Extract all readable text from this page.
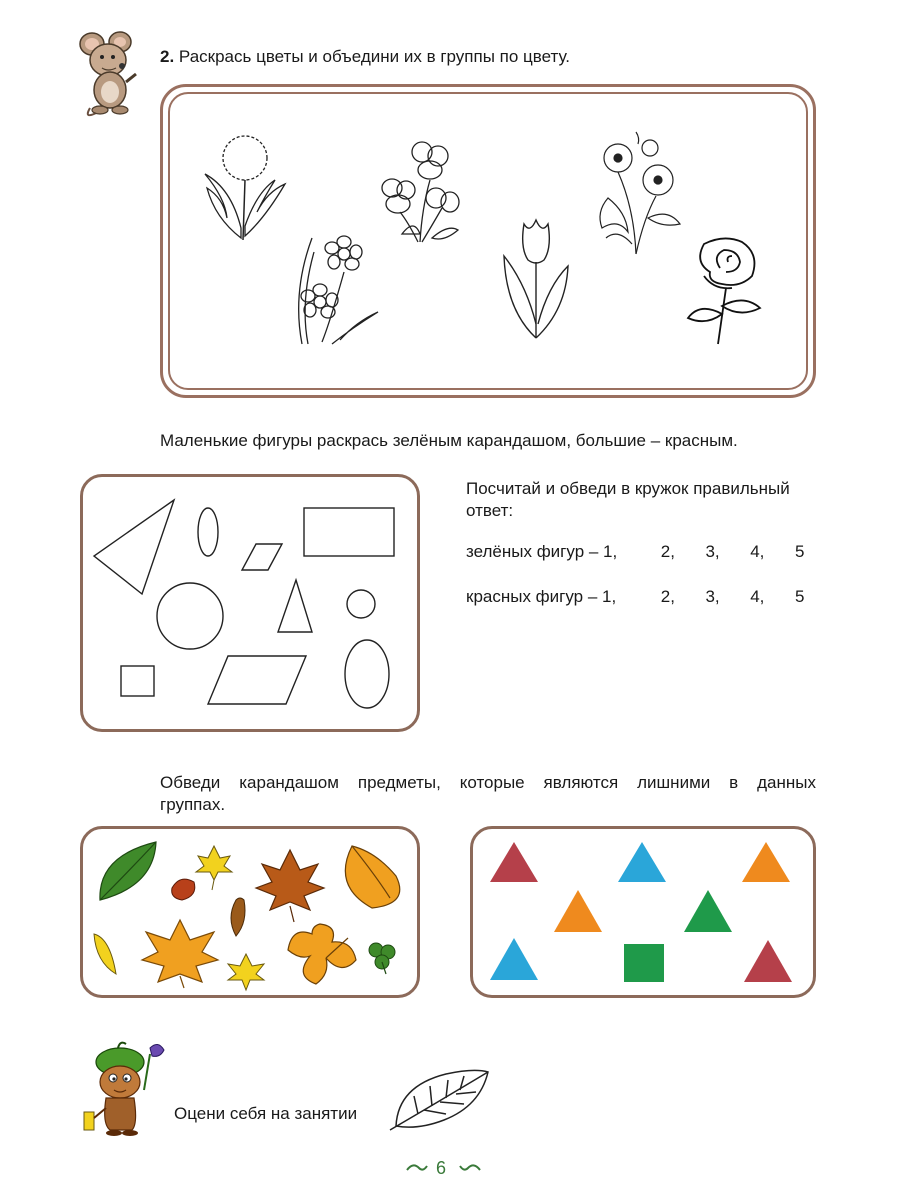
2. Раскрась цветы и объедини их в группы по цвету.
Маленькие фигуры раскрась зелёным карандашом, большие – красным.
Посчитай и обведи в кружок правильный
ответ:
зелёных фигур – 1,	2, 3, 4, 5
красных фигур – 1,	2, 3, 4, 5
Обведи карандашом предметы, которые являются лишними в данных
группах.
Оцени себя на занятии
6
